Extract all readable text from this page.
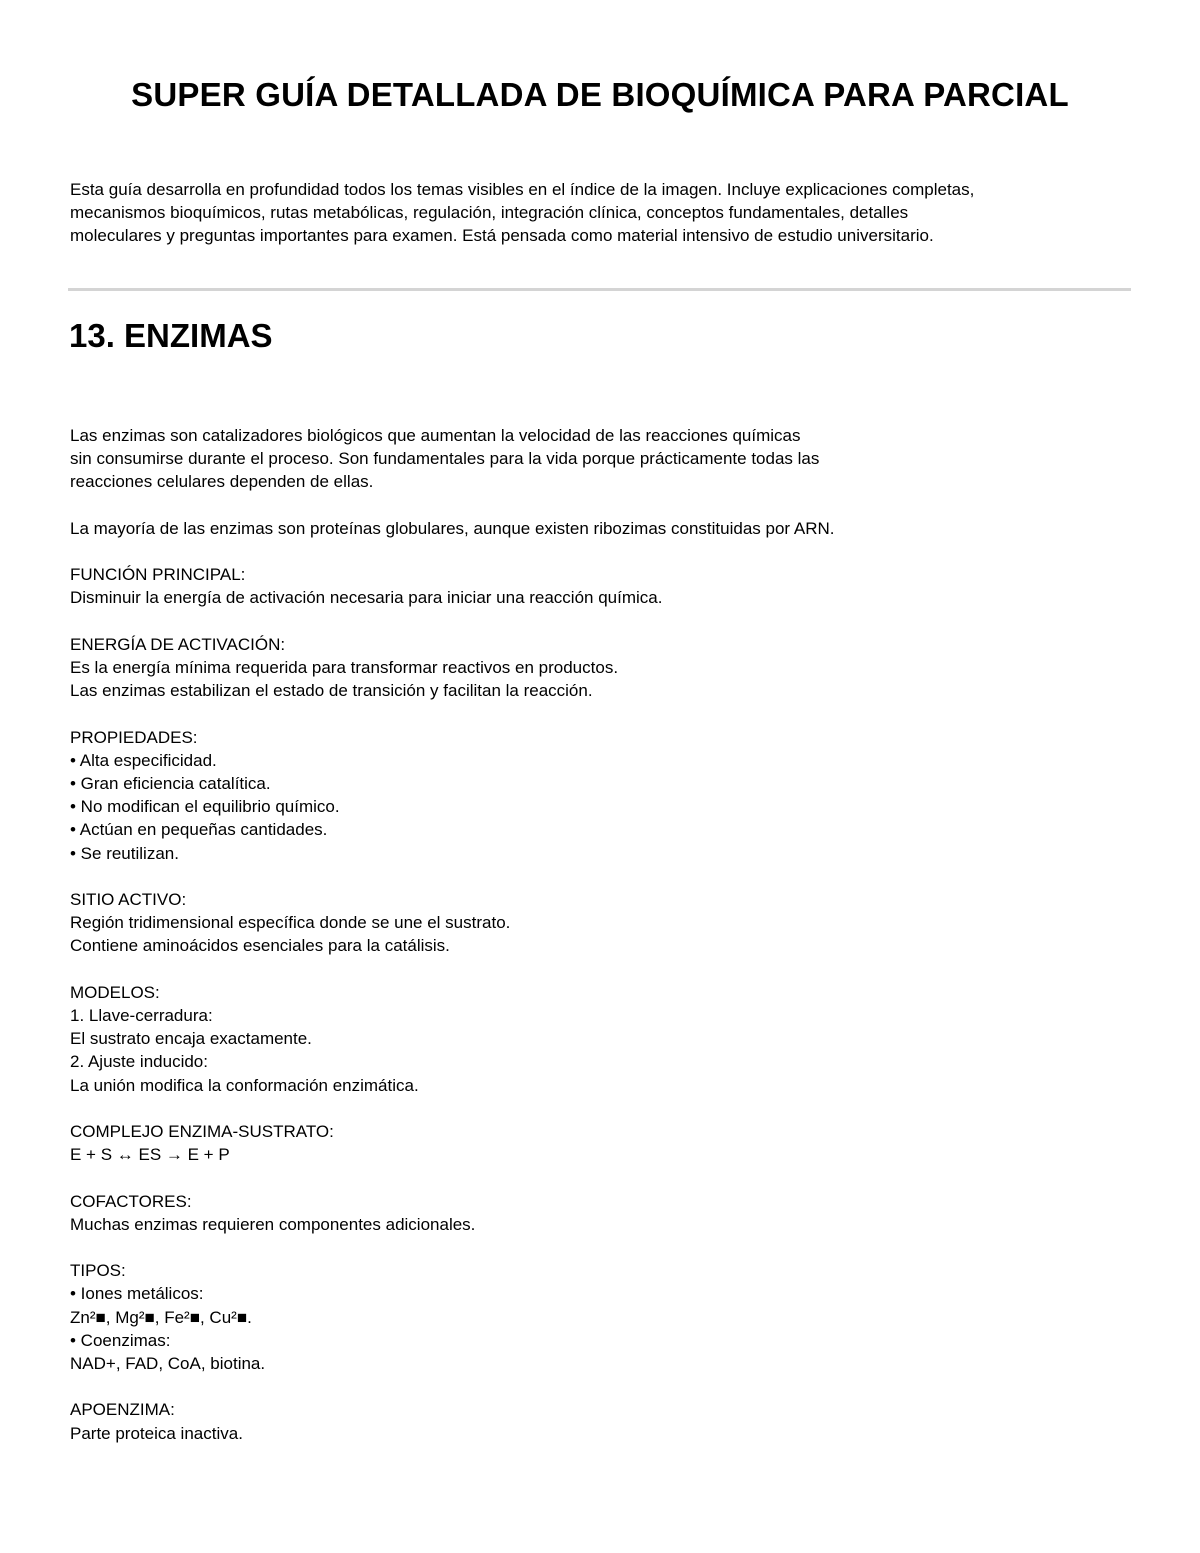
SUPER GUÍA DETALLADA DE BIOQUÍMICA PARA PARCIAL

Esta guía desarrolla en profundidad todos los temas visibles en el índice de la imagen. Incluye explicaciones completas,
mecanismos bioquímicos, rutas metabólicas, regulación, integración clínica, conceptos fundamentales, detalles
moleculares y preguntas importantes para examen. Está pensada como material intensivo de estudio universitario.

13. ENZIMAS
Las enzimas son catalizadores biológicos que aumentan la velocidad de las reacciones químicas
sin consumirse durante el proceso. Son fundamentales para la vida porque prácticamente todas las
reacciones celulares dependen de ellas.
La mayoría de las enzimas son proteínas globulares, aunque existen ribozimas constituidas por ARN.
FUNCIÓN PRINCIPAL:
Disminuir la energía de activación necesaria para iniciar una reacción química.
ENERGÍA DE ACTIVACIÓN:
Es la energía mínima requerida para transformar reactivos en productos.
Las enzimas estabilizan el estado de transición y facilitan la reacción.
PROPIEDADES:
• Alta especificidad.
• Gran eficiencia catalítica.
• No modifican el equilibrio químico.
• Actúan en pequeñas cantidades.
• Se reutilizan.
SITIO ACTIVO:
Región tridimensional específica donde se une el sustrato.
Contiene aminoácidos esenciales para la catálisis.
MODELOS:
1. Llave-cerradura:
El sustrato encaja exactamente.
2. Ajuste inducido:
La unión modifica la conformación enzimática.
COMPLEJO ENZIMA-SUSTRATO:
E + S ↔ ES → E + P
COFACTORES:
Muchas enzimas requieren componentes adicionales.
TIPOS:
• Iones metálicos:
Zn²■, Mg²■, Fe²■, Cu²■.
• Coenzimas:
NAD+, FAD, CoA, biotina.
APOENZIMA:
Parte proteica inactiva.
